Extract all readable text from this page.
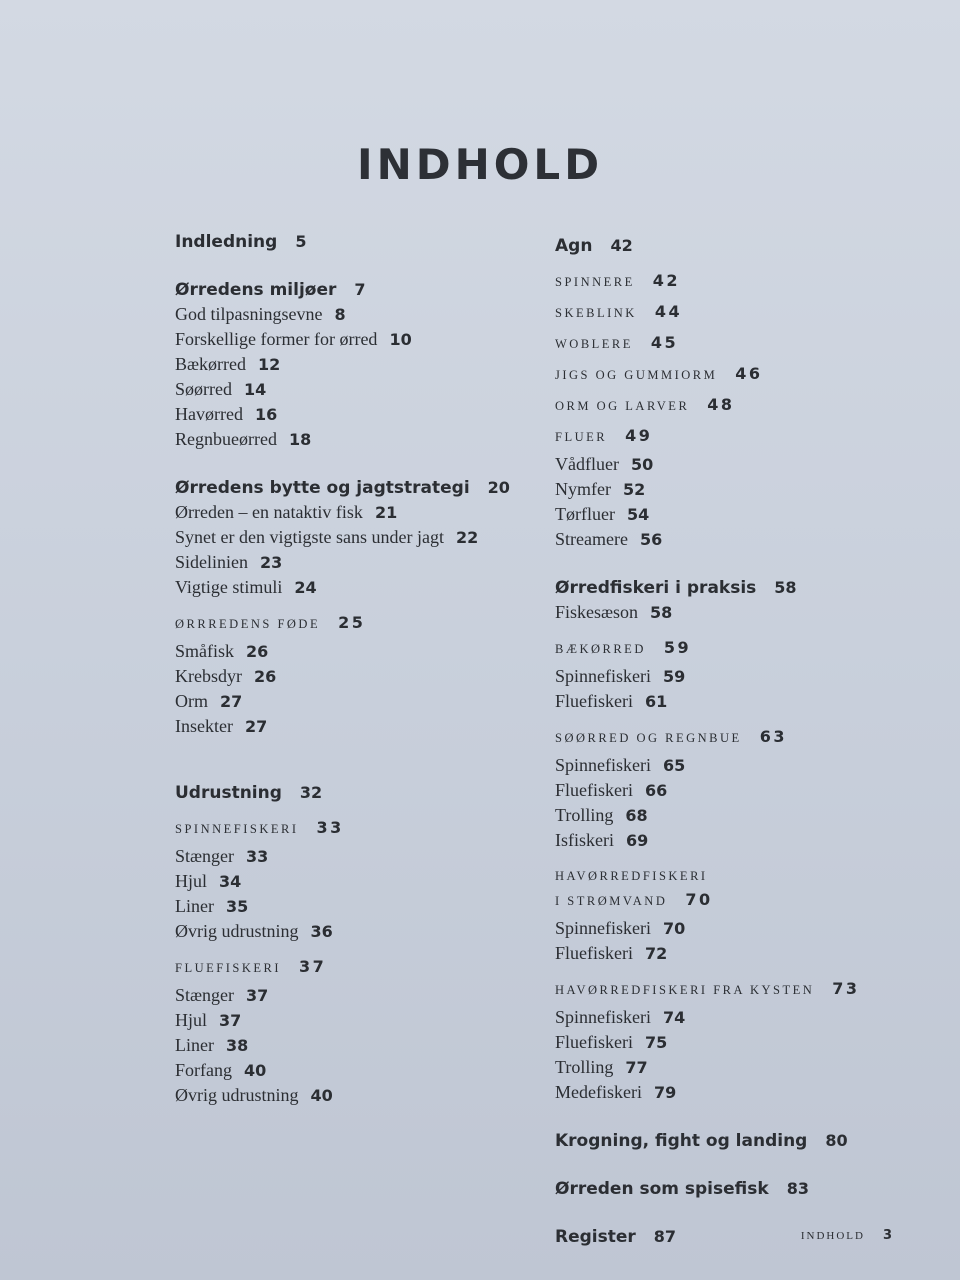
INDHOLD
Indledning 5
Ørredens miljøer 7
God tilpasningsevne 8
Forskellige former for ørred 10
Bækørred 12
Søørred 14
Havørred 16
Regnbueørred 18
Ørredens bytte og jagtstrategi 20
Ørreden – en nataktiv fisk 21
Synet er den vigtigste sans under jagt 22
Sidelinien 23
Vigtige stimuli 24
ØRRREDENS FØDE 25
Småfisk 26
Krebsdyr 26
Orm 27
Insekter 27
Udrustning 32
SPINNEFISKERI 33
Stænger 33
Hjul 34
Liner 35
Øvrig udrustning 36
FLUEFISKERI 37
Stænger 37
Hjul 37
Liner 38
Forfang 40
Øvrig udrustning 40
Agn 42
SPINNERE 42
SKEBLINK 44
WOBLERE 45
JIGS OG GUMMIORM 46
ORM OG LARVER 48
FLUER 49
Vådfluer 50
Nymfer 52
Tørfluer 54
Streamere 56
Ørredfiskeri i praksis 58
Fiskesæson 58
BÆKØRRED 59
Spinnefiskeri 59
Fluefiskeri 61
SØØRRED OG REGNBUE 63
Spinnefiskeri 65
Fluefiskeri 66
Trolling 68
Isfiskeri 69
HAVØRREDFISKERI
I STRØMVAND 70
Spinnefiskeri 70
Fluefiskeri 72
HAVØRREDFISKERI FRA KYSTEN 73
Spinnefiskeri 74
Fluefiskeri 75
Trolling 77
Medefiskeri 79
Krogning, fight og landing 80
Ørreden som spisefisk 83
Register 87	INDHOLD 3
